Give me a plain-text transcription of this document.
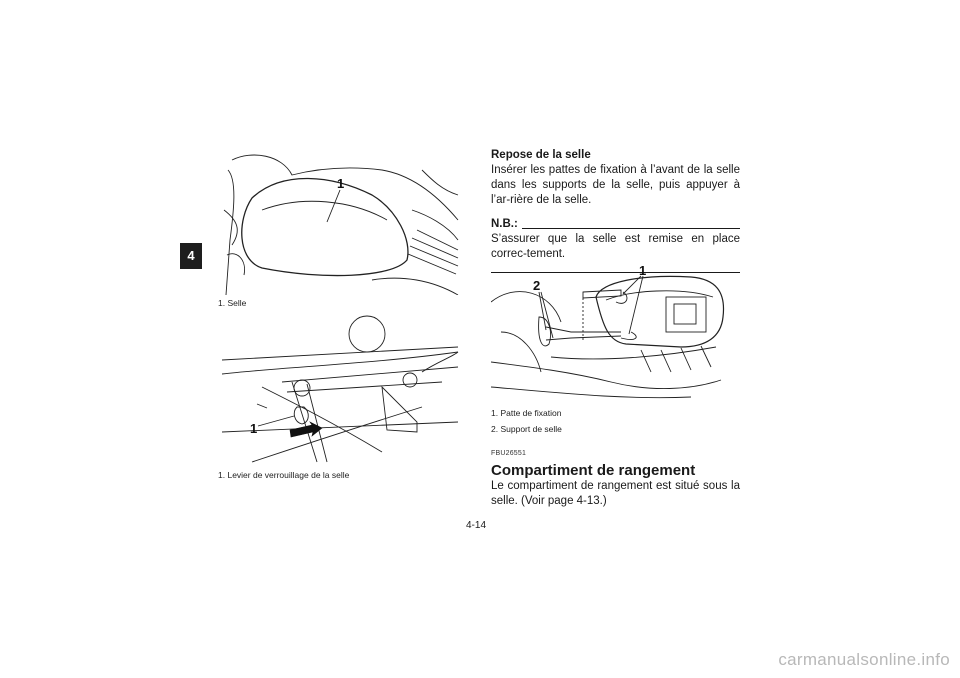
4
1
1. Selle
1
1. Levier de verrouillage de la selle
Repose de la selle
Insérer les pattes de fixation à l’avant de la selle dans les supports de la selle, puis appuyer à l’ar-rière de la selle.
N.B.:
S’assurer que la selle est remise en place correc-tement.
1
2
1. Patte de fixation
2. Support de selle
FBU26551
Compartiment de rangement
Le compartiment de rangement est situé sous la selle. (Voir page 4-13.)
4-14
carmanualsonline.info
